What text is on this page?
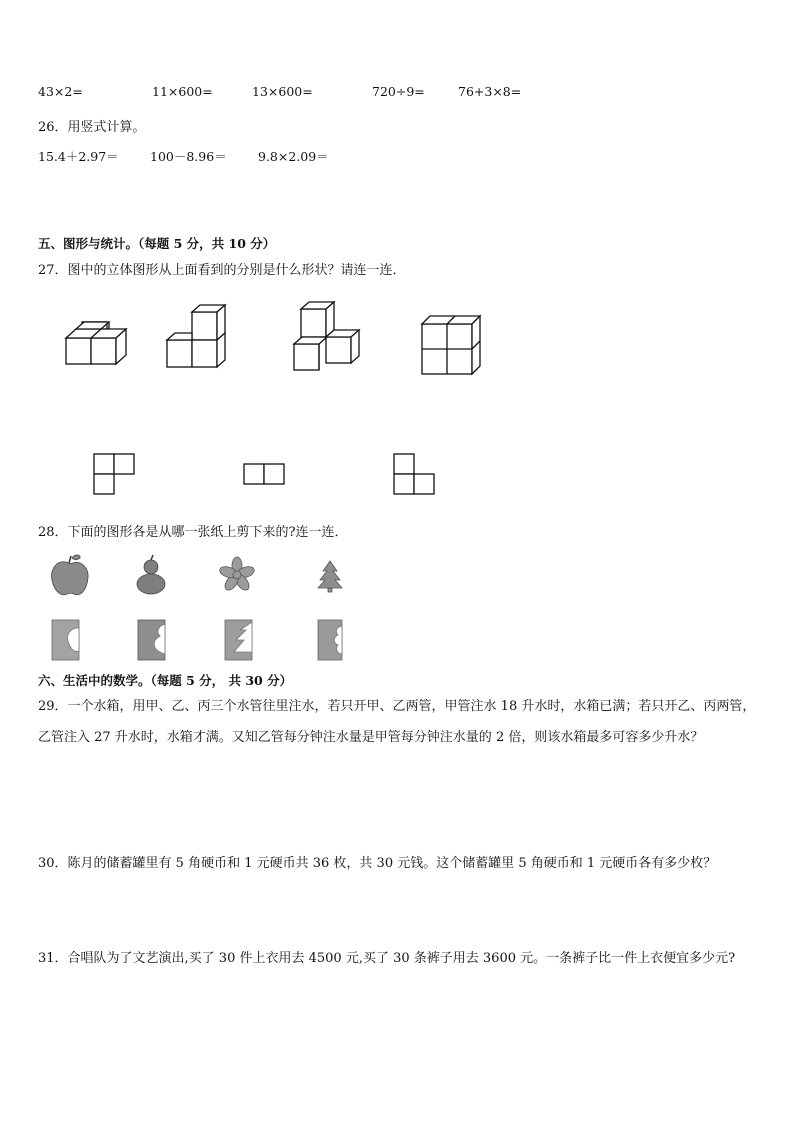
43×2=	11×600=	13×600=	720÷9=	76+3×8=
26．用竖式计算。
15.4＋2.97＝	100－8.96＝	9.8×2.09＝
五、图形与统计。（每题 5 分，共 10 分）
27．图中的立体图形从上面看到的分别是什么形状？请连一连．
28．下面的图形各是从哪一张纸上剪下来的?连一连．
六、生活中的数学。（每题 5 分， 共 30 分）
29．一个水箱，用甲、乙、丙三个水管往里注水，若只开甲、乙两管，甲管注水 18 升水时，水箱已满；若只开乙、丙两管，乙管注入 27 升水时，水箱才满。又知乙管每分钟注水量是甲管每分钟注水量的 2 倍，则该水箱最多可容多少升水？
30．陈月的储蓄罐里有 5 角硬币和 1 元硬币共 36 枚，共 30 元钱。这个储蓄罐里 5 角硬币和 1 元硬币各有多少枚？
31．合唱队为了文艺演出,买了 30 件上衣用去 4500 元,买了 30 条裤子用去 3600 元。一条裤子比一件上衣便宜多少元?
